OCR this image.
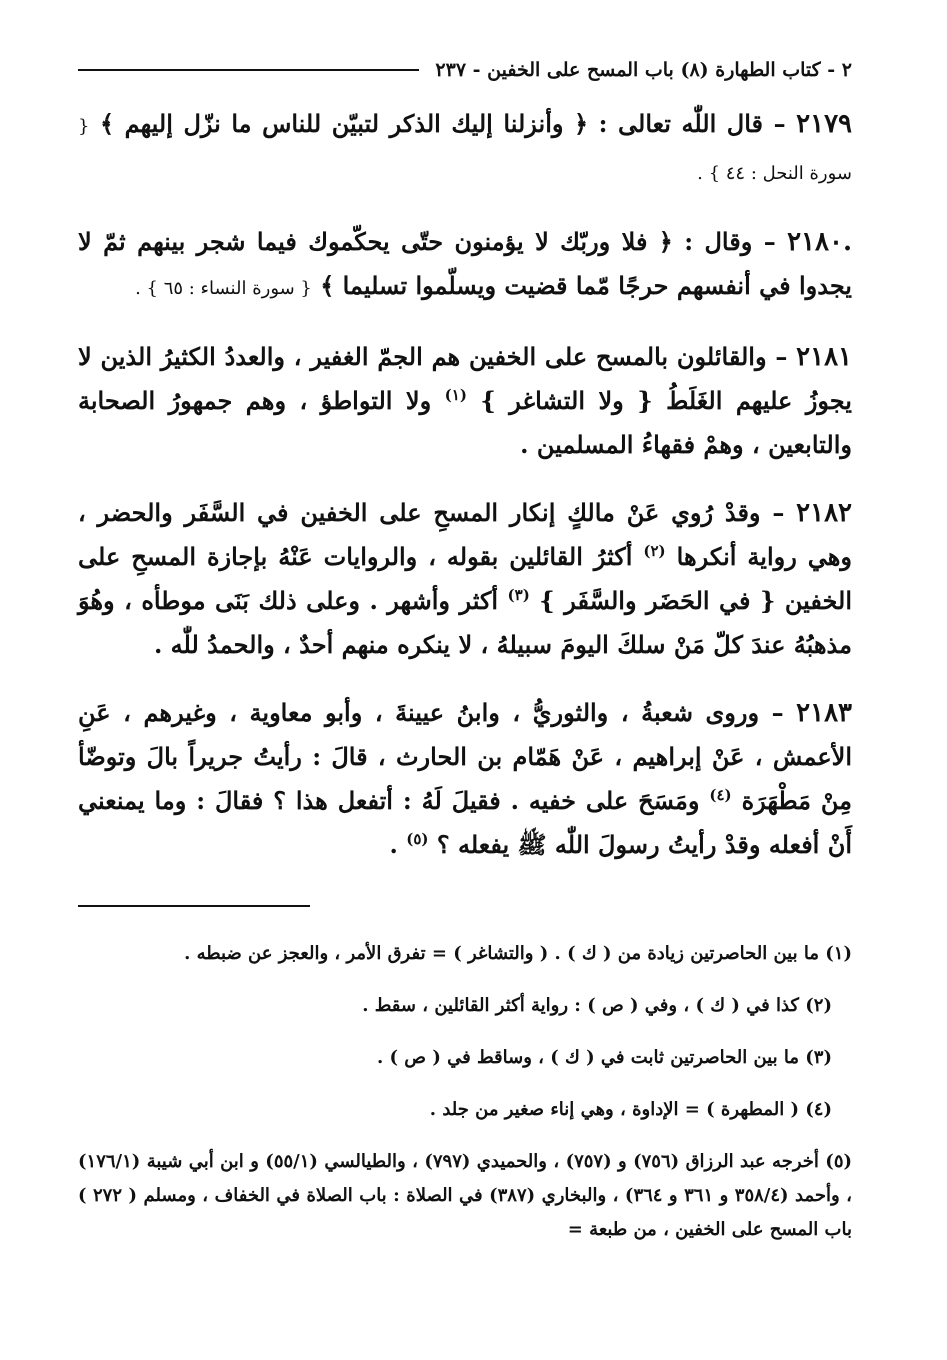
٢ - كتاب الطهارة (٨) باب المسح على الخفين - ٢٣٧

٢١٧٩ – قال اللّٰه تعالى : ﴿ وأنزلنا إليك الذكر لتبيّن للناس ما نزّل إليهم ﴾ { سورة النحل : ٤٤ } .

.٢١٨٠ – وقال : ﴿ فلا وربّك لا يؤمنون حتّى يحكّموك فيما شجر بينهم ثمّ لا يجدوا في أنفسهم حرجًا مّما قضيت ويسلّموا تسليما ﴾ { سورة النساء : ٦٥ } .

٢١٨١ – والقائلون بالمسح على الخفين هم الجمّ الغفير ، والعددُ الكثيرُ الذين لا يجوزُ عليهم الغَلَطُ { ولا التشاغر } $^{(١)}$ ولا التواطؤ ، وهم جمهورُ الصحابة والتابعين ، وهمْ فقهاءُ المسلمين .

٢١٨٢ – وقدْ رُوي عَنْ مالكٍ إنكار المسحِ على الخفين في السَّفَر والحضر ، وهي رواية أنكرها $^{(٢)}$ أكثرُ القائلين بقوله ، والروايات عَنْهُ بإجازة المسحِ على الخفين { في الحَضَر والسَّفَر } $^{(٣)}$ أكثر وأشهر . وعلى ذلك بَنَى موطأه ، وهُوَ مذهبُهُ عندَ كلّ مَنْ سلكَ اليومَ سبيلهُ ، لا ينكره منهم أحدٌ ، والحمدُ للّٰه .

٢١٨٣ – وروى شعبةُ ، والثوريُّ ، وابنُ عيينةَ ، وأبو معاوية ، وغيرهم ، عَنِ الأعمش ، عَنْ إبراهيم ، عَنْ هَمّام بن الحارث ، قالَ : رأيتُ جريراً بالَ وتوضّأ مِنْ مَطْهَرَة $^{(٤)}$ ومَسَحَ على خفيه . فقيلَ لَهُ : أتفعل هذا ؟ فقالَ : وما يمنعني أَنْ أفعله وقدْ رأيتُ رسولَ اللّٰه ﷺ يفعله ؟ $^{(٥)}$ .

(١) ما بين الحاصرتين زيادة من ( ك ) . ( والتشاغر ) = تفرق الأمر ، والعجز عن ضبطه .

(٢) كذا في ( ك ) ، وفي ( ص ) : رواية أكثر القائلين ، سقط .

(٣) ما بين الحاصرتين ثابت في ( ك ) ، وساقط في ( ص ) .

(٤) ( المطهرة ) = الإداوة ، وهي إناء صغير من جلد .

(٥) أخرجه عبد الرزاق (٧٥٦) و (٧٥٧) ، والحميدي (٧٩٧) ، والطيالسي (٥٥/١) و ابن أبي شيبة (١٧٦/١) ، وأحمد (٣٥٨/٤ و ٣٦١ و ٣٦٤) ، والبخاري (٣٨٧) في الصلاة : باب الصلاة في الخفاف ، ومسلم ( ٢٧٢ ) باب المسح على الخفين ، من طبعة =
